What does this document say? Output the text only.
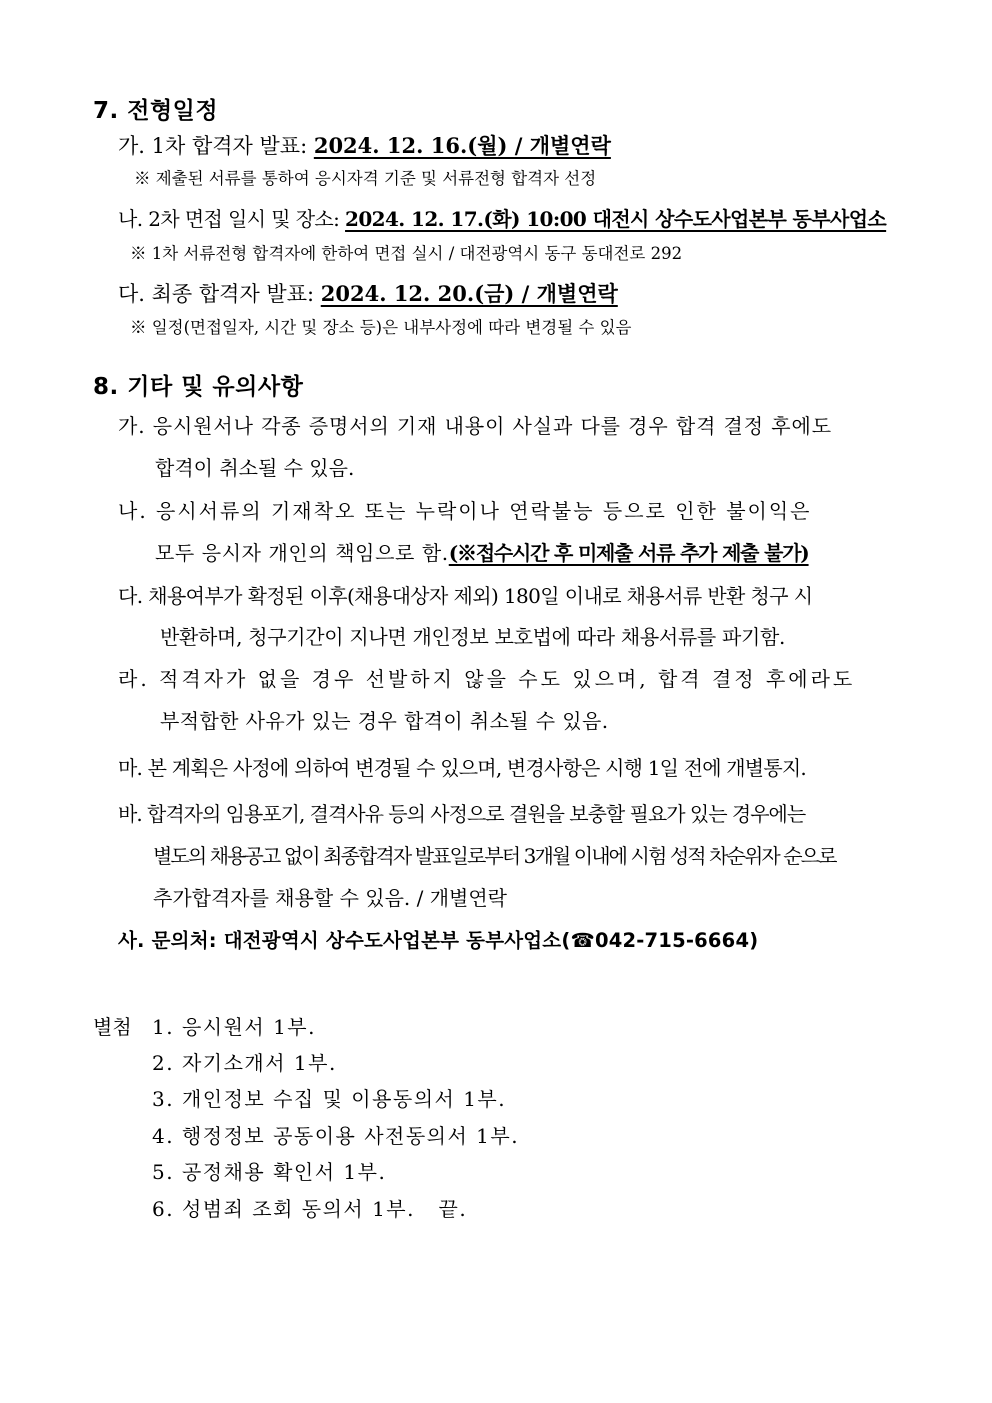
7. 전형일정
가. 1차 합격자 발표: 2024. 12. 16.(월) / 개별연락
※ 제출된 서류를 통하여 응시자격 기준 및 서류전형 합격자 선정
나. 2차 면접 일시 및 장소: 2024. 12. 17.(화) 10:00 대전시 상수도사업본부 동부사업소
※ 1차 서류전형 합격자에 한하여 면접 실시 / 대전광역시 동구 동대전로 292
다. 최종 합격자 발표: 2024. 12. 20.(금) / 개별연락
※ 일정(면접일자, 시간 및 장소 등)은 내부사정에 따라 변경될 수 있음
8. 기타 및 유의사항
가. 응시원서나 각종 증명서의 기재 내용이 사실과 다를 경우 합격 결정 후에도
합격이 취소될 수 있음.
나. 응시서류의 기재착오 또는 누락이나 연락불능 등으로 인한 불이익은
모두 응시자 개인의 책임으로 함.(※접수시간 후 미제출 서류 추가 제출 불가)
다. 채용여부가 확정된 이후(채용대상자 제외) 180일 이내로 채용서류 반환 청구 시
반환하며, 청구기간이 지나면 개인정보 보호법에 따라 채용서류를 파기함.
라. 적격자가 없을 경우 선발하지 않을 수도 있으며, 합격 결정 후에라도
부적합한 사유가 있는 경우 합격이 취소될 수 있음.
마. 본 계획은 사정에 의하여 변경될 수 있으며, 변경사항은 시행 1일 전에 개별통지.
바. 합격자의 임용포기, 결격사유 등의 사정으로 결원을 보충할 필요가 있는 경우에는
별도의 채용공고 없이 최종합격자 발표일로부터 3개월 이내에 시험 성적 차순위자 순으로
추가합격자를 채용할 수 있음. / 개별연락
사. 문의처: 대전광역시 상수도사업본부 동부사업소(☎042-715-6664)
별첨 1. 응시원서 1부.
2. 자기소개서 1부.
3. 개인정보 수집 및 이용동의서 1부.
4. 행정정보 공동이용 사전동의서 1부.
5. 공정채용 확인서 1부.
6. 성범죄 조회 동의서 1부.   끝.
